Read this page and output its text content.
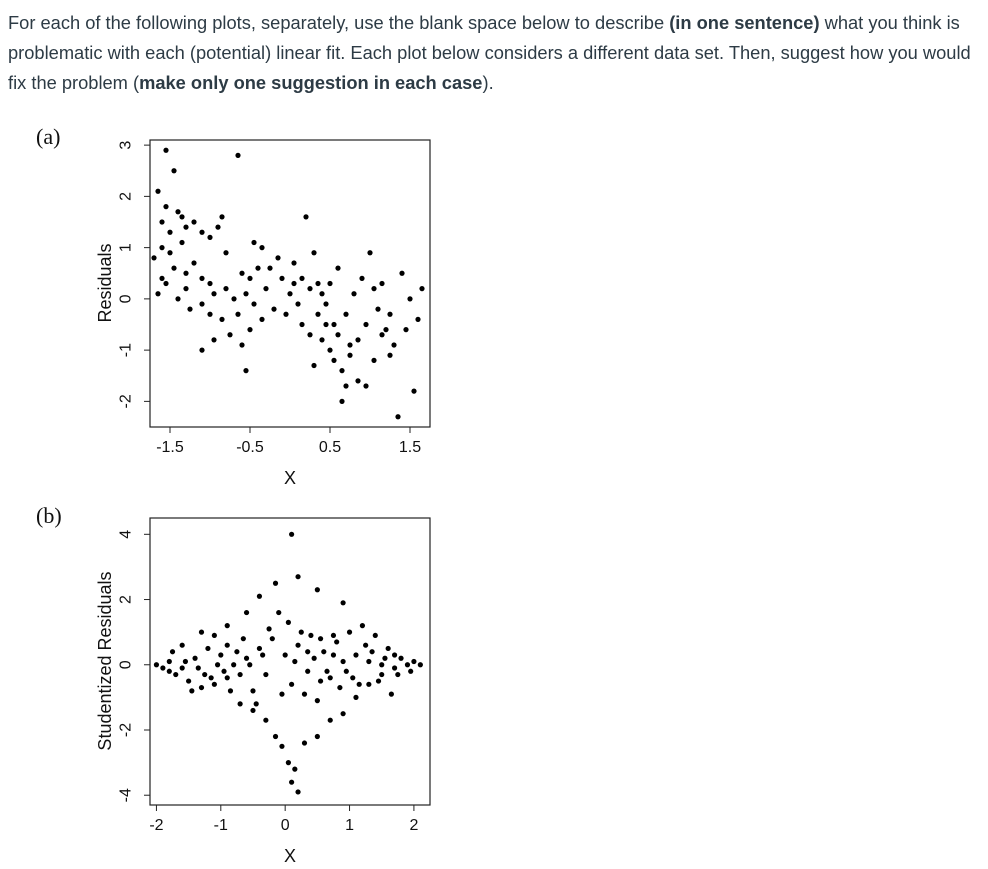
For each of the following plots, separately, use the blank space below to describe (in one sentence) what you think is problematic with each (potential) linear fit. Each plot below considers a different data set. Then, suggest how you would fix the problem (make only one suggestion in each case).
(a)
(b)
-1.5	-0.5	0.5	1.5
-2
-1
0
1
2
3
X
Residuals
-2	-1	0	1	2
-4
-2
0
2
4
X
Studentized Residuals
